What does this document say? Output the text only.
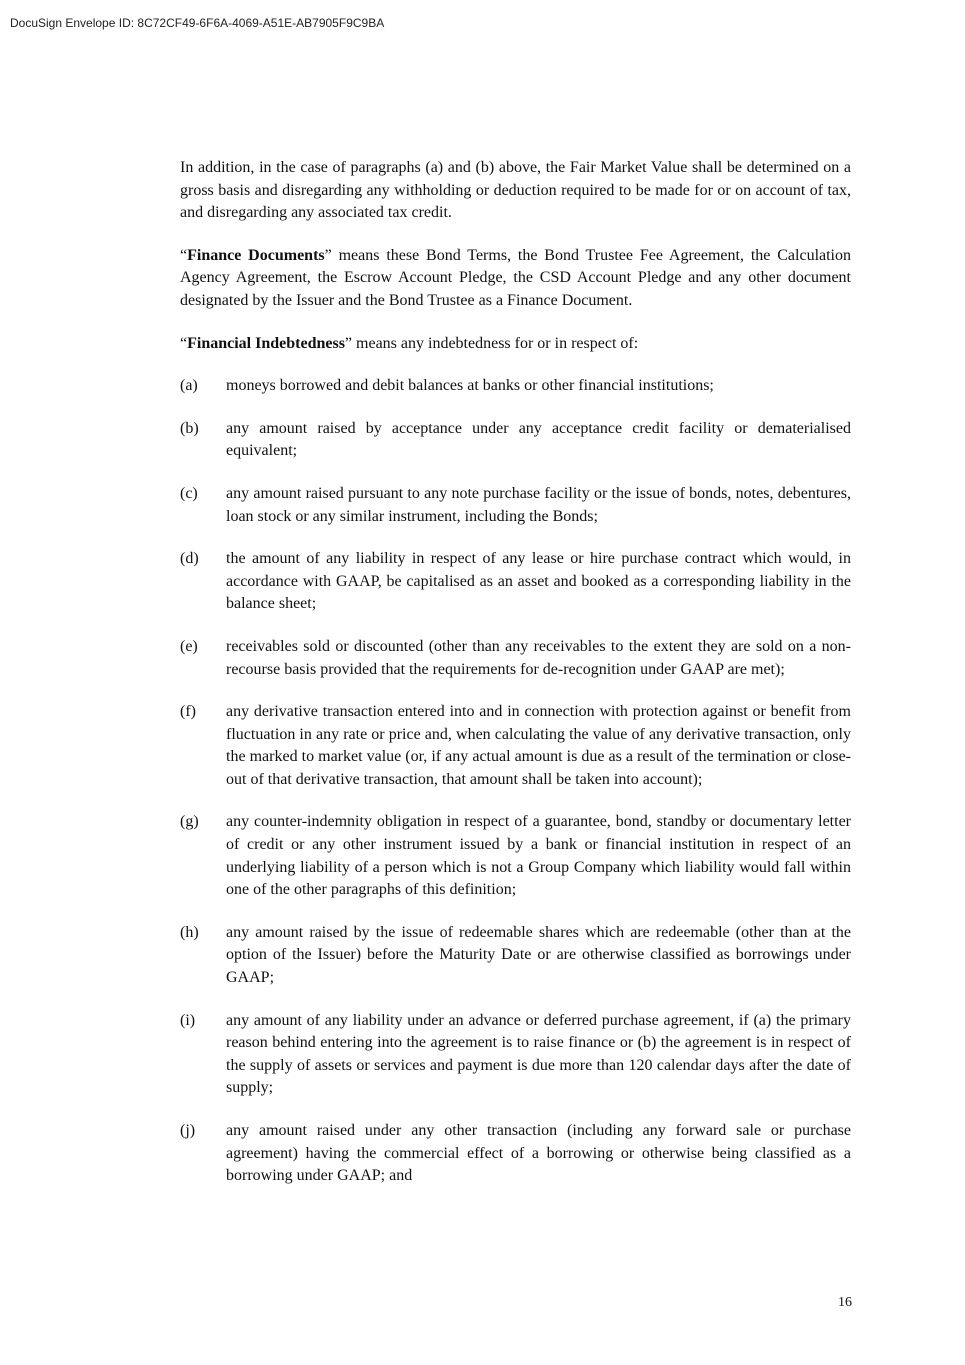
DocuSign Envelope ID: 8C72CF49-6F6A-4069-A51E-AB7905F9C9BA

In addition, in the case of paragraphs (a) and (b) above, the Fair Market Value shall be determined on a gross basis and disregarding any withholding or deduction required to be made for or on account of tax, and disregarding any associated tax credit.

“Finance Documents” means these Bond Terms, the Bond Trustee Fee Agreement, the Calculation Agency Agreement, the Escrow Account Pledge, the CSD Account Pledge and any other document designated by the Issuer and the Bond Trustee as a Finance Document.

“Financial Indebtedness” means any indebtedness for or in respect of:

(a)	moneys borrowed and debit balances at banks or other financial institutions;
(b)	any amount raised by acceptance under any acceptance credit facility or dematerialised equivalent;
(c)	any amount raised pursuant to any note purchase facility or the issue of bonds, notes, debentures, loan stock or any similar instrument, including the Bonds;
(d)	the amount of any liability in respect of any lease or hire purchase contract which would, in accordance with GAAP, be capitalised as an asset and booked as a corresponding liability in the balance sheet;
(e)	receivables sold or discounted (other than any receivables to the extent they are sold on a non-recourse basis provided that the requirements for de-recognition under GAAP are met);
(f)	any derivative transaction entered into and in connection with protection against or benefit from fluctuation in any rate or price and, when calculating the value of any derivative transaction, only the marked to market value (or, if any actual amount is due as a result of the termination or close-out of that derivative transaction, that amount shall be taken into account);
(g)	any counter-indemnity obligation in respect of a guarantee, bond, standby or documentary letter of credit or any other instrument issued by a bank or financial institution in respect of an underlying liability of a person which is not a Group Company which liability would fall within one of the other paragraphs of this definition;
(h)	any amount raised by the issue of redeemable shares which are redeemable (other than at the option of the Issuer) before the Maturity Date or are otherwise classified as borrowings under GAAP;
(i)	any amount of any liability under an advance or deferred purchase agreement, if (a) the primary reason behind entering into the agreement is to raise finance or (b) the agreement is in respect of the supply of assets or services and payment is due more than 120 calendar days after the date of supply;
(j)	any amount raised under any other transaction (including any forward sale or purchase agreement) having the commercial effect of a borrowing or otherwise being classified as a borrowing under GAAP; and
16
